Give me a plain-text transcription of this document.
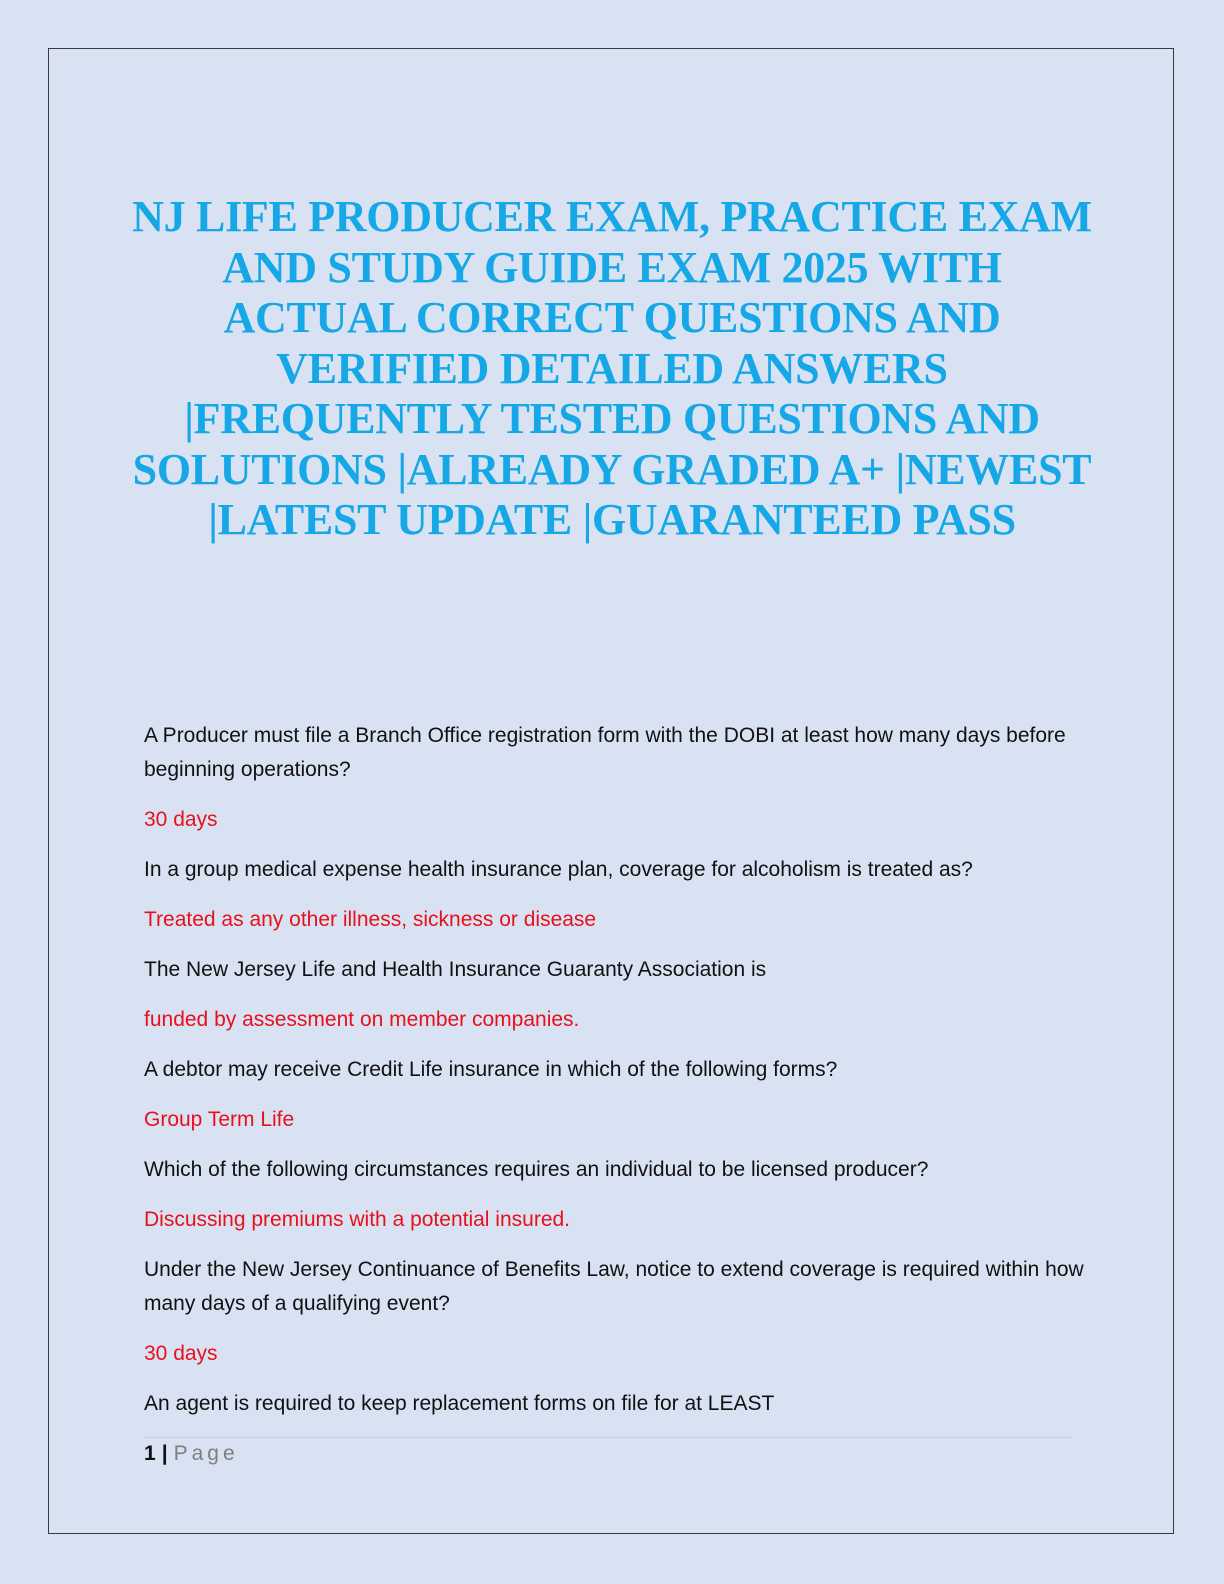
NJ LIFE PRODUCER EXAM, PRACTICE EXAM AND STUDY GUIDE EXAM 2025 WITH ACTUAL CORRECT QUESTIONS AND VERIFIED DETAILED ANSWERS |FREQUENTLY TESTED QUESTIONS AND SOLUTIONS |ALREADY GRADED A+ |NEWEST |LATEST UPDATE |GUARANTEED PASS

A Producer must file a Branch Office registration form with the DOBI at least how many days before beginning operations?

30 days

In a group medical expense health insurance plan, coverage for alcoholism is treated as?

Treated as any other illness, sickness or disease

The New Jersey Life and Health Insurance Guaranty Association is

funded by assessment on member companies.

A debtor may receive Credit Life insurance in which of the following forms?

Group Term Life

Which of the following circumstances requires an individual to be licensed producer?

Discussing premiums with a potential insured.

Under the New Jersey Continuance of Benefits Law, notice to extend coverage is required within how many days of a qualifying event?

30 days

An agent is required to keep replacement forms on file for at LEAST

1 | Page
